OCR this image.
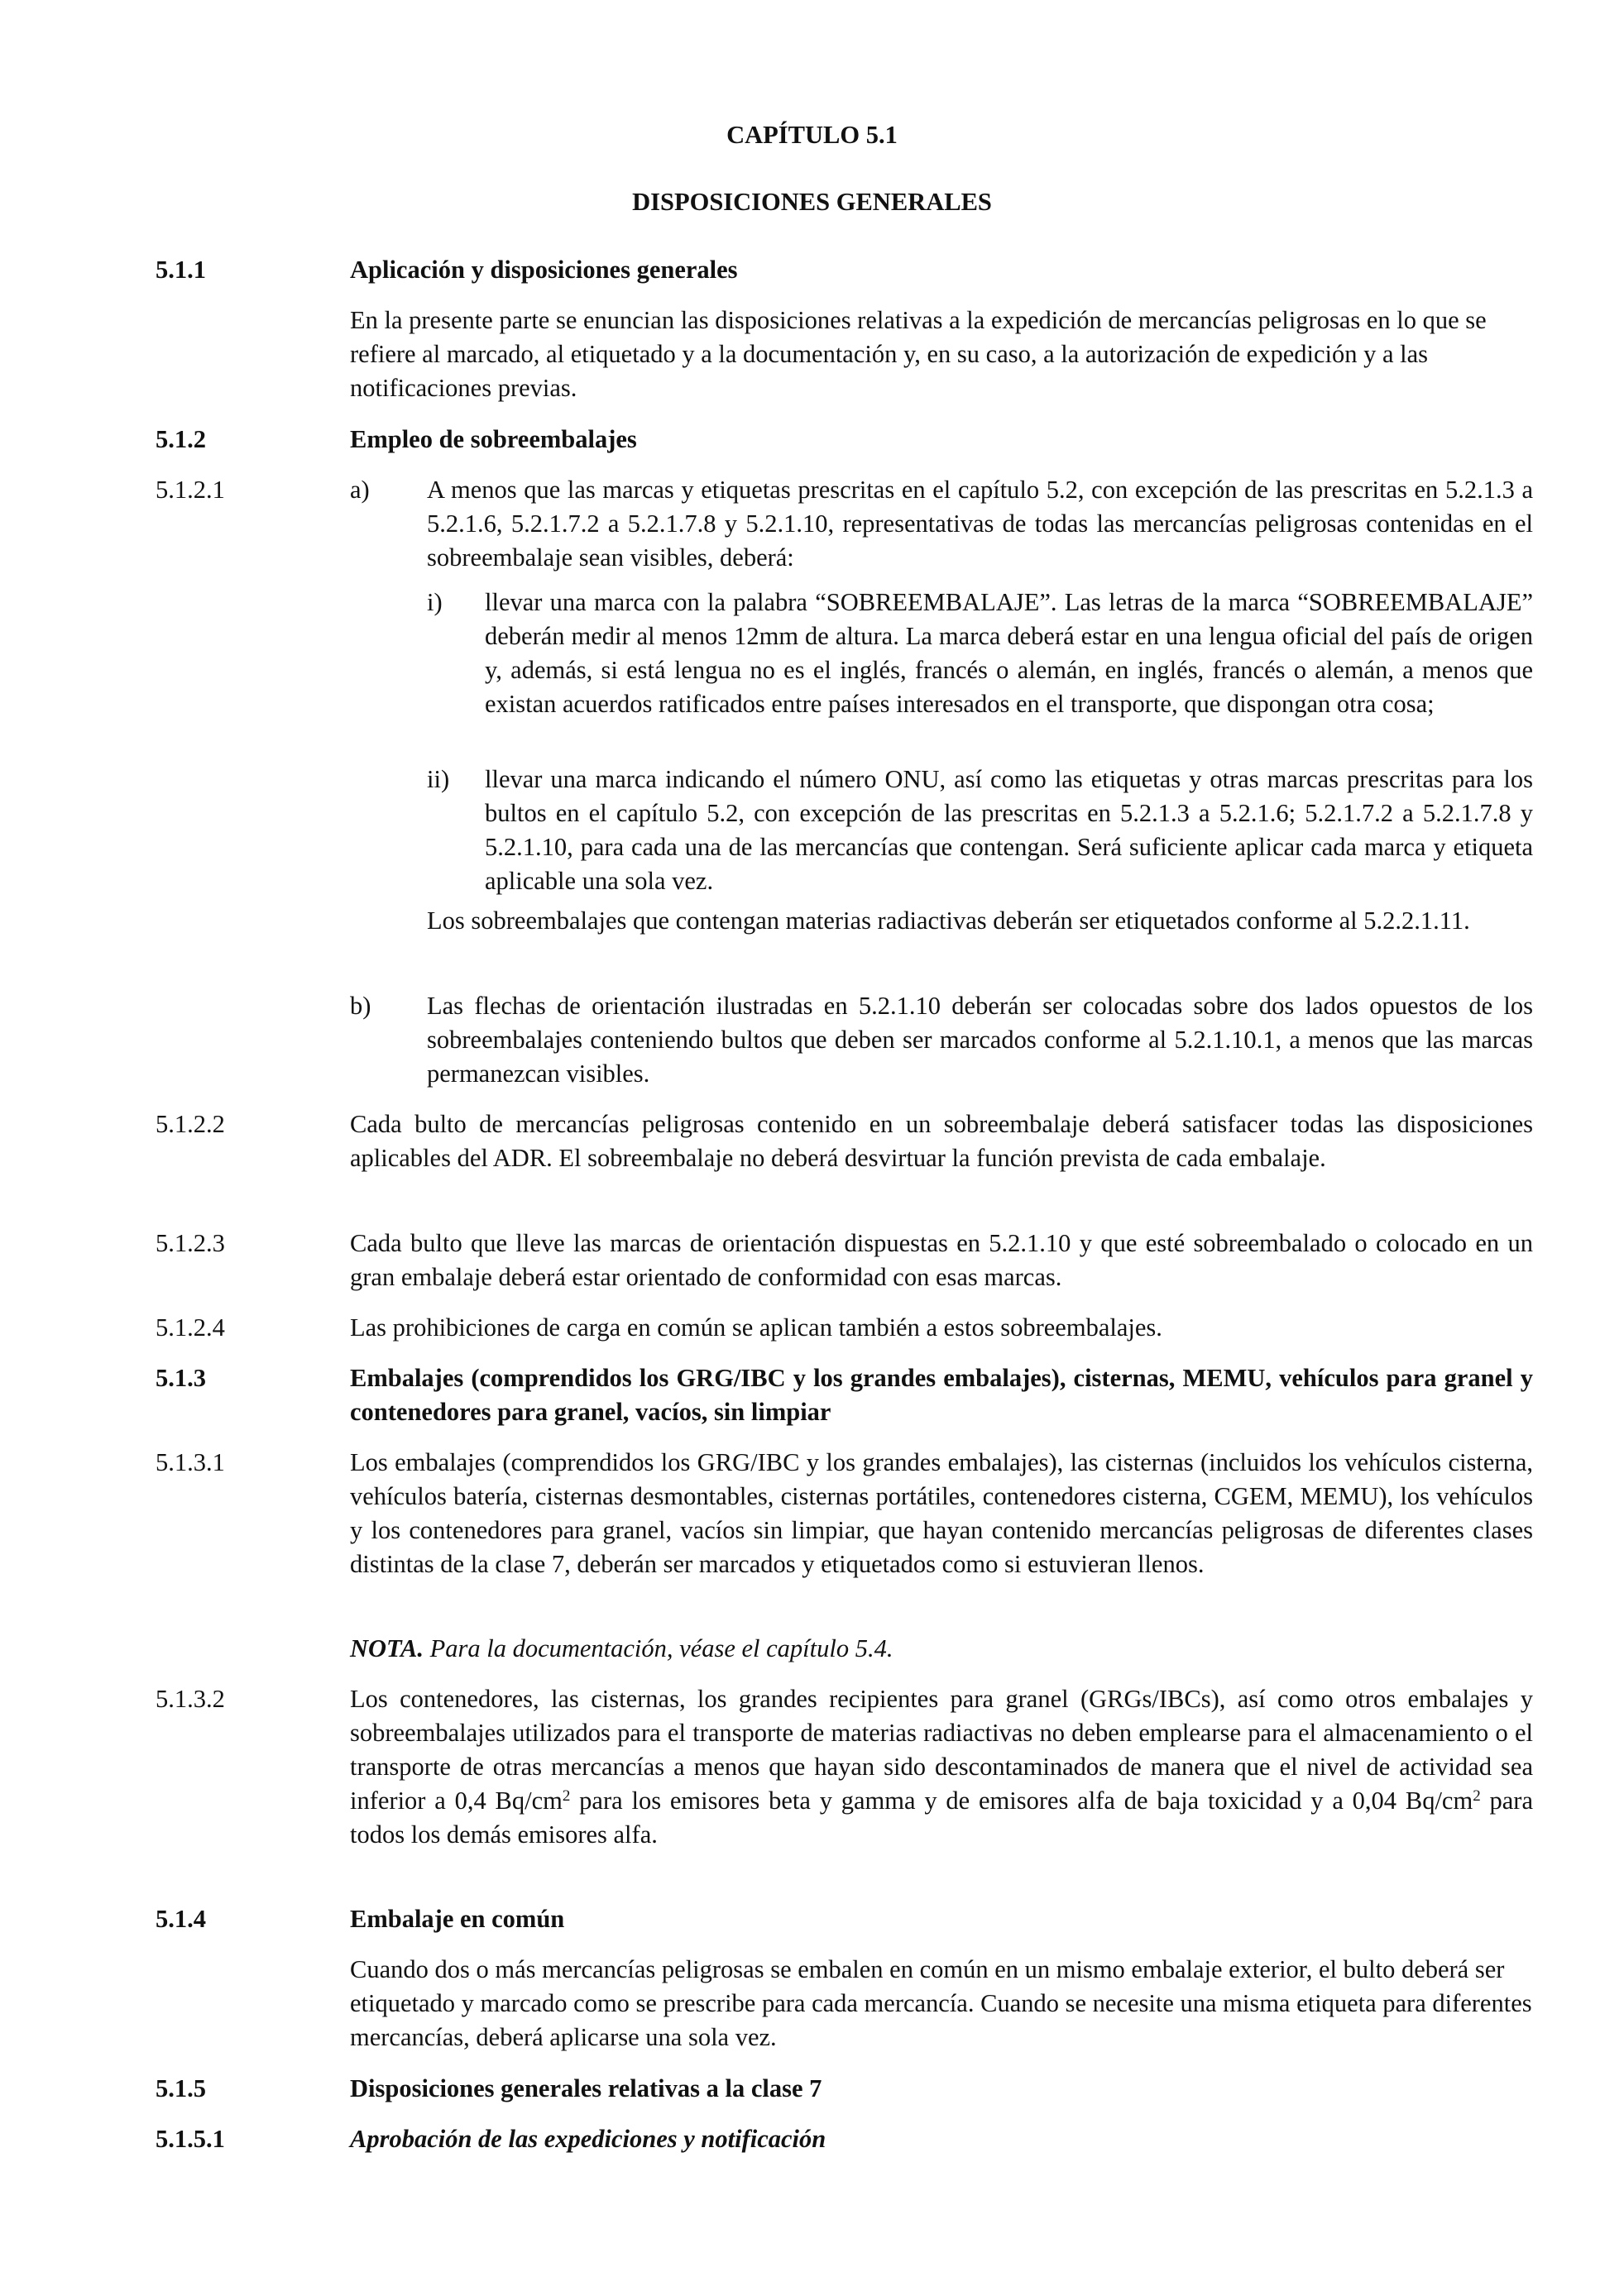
CAPÍTULO 5.1
DISPOSICIONES GENERALES
5.1.1	Aplicación y disposiciones generales

En la presente parte se enuncian las disposiciones relativas a la expedición de mercancías peligrosas en lo que se refiere al marcado, al etiquetado y a la documentación y, en su caso, a la autorización de expedición y a las notificaciones previas.

5.1.2	Empleo de sobreembalajes
5.1.2.1	a) A menos que las marcas y etiquetas prescritas en el capítulo 5.2, con excepción de las prescritas en 5.2.1.3 a 5.2.1.6, 5.2.1.7.2 a 5.2.1.7.8 y 5.2.1.10, representativas de todas las mercancías peligrosas contenidas en el sobreembalaje sean visibles, deberá:

i) llevar una marca con la palabra “SOBREEMBALAJE”. Las letras de la marca “SOBREEMBALAJE” deberán medir al menos 12mm de altura. La marca deberá estar en una lengua oficial del país de origen y, además, si está lengua no es el inglés, francés o alemán, en inglés, francés o alemán, a menos que existan acuerdos ratificados entre países interesados en el transporte, que dispongan otra cosa;

ii) llevar una marca indicando el número ONU, así como las etiquetas y otras marcas prescritas para los bultos en el capítulo 5.2, con excepción de las prescritas en 5.2.1.3 a 5.2.1.6; 5.2.1.7.2 a 5.2.1.7.8 y 5.2.1.10, para cada una de las mercancías que contengan. Será suficiente aplicar cada marca y etiqueta aplicable una sola vez.

Los sobreembalajes que contengan materias radiactivas deberán ser etiquetados conforme al 5.2.2.1.11.

b) Las flechas de orientación ilustradas en 5.2.1.10 deberán ser colocadas sobre dos lados opuestos de los sobreembalajes conteniendo bultos que deben ser marcados conforme al 5.2.1.10.1, a menos que las marcas permanezcan visibles.

5.1.2.2	Cada bulto de mercancías peligrosas contenido en un sobreembalaje deberá satisfacer todas las disposiciones aplicables del ADR. El sobreembalaje no deberá desvirtuar la función prevista de cada embalaje.

5.1.2.3	Cada bulto que lleve las marcas de orientación dispuestas en 5.2.1.10 y que esté sobreembalado o colocado en un gran embalaje deberá estar orientado de conformidad con esas marcas.

5.1.2.4	Las prohibiciones de carga en común se aplican también a estos sobreembalajes.

5.1.3	Embalajes (comprendidos los GRG/IBC y los grandes embalajes), cisternas, MEMU, vehículos para granel y contenedores para granel, vacíos, sin limpiar

5.1.3.1	Los embalajes (comprendidos los GRG/IBC y los grandes embalajes), las cisternas (incluidos los vehículos cisterna, vehículos batería, cisternas desmontables, cisternas portátiles, contenedores cisterna, CGEM, MEMU), los vehículos y los contenedores para granel, vacíos sin limpiar, que hayan contenido mercancías peligrosas de diferentes clases distintas de la clase 7, deberán ser marcados y etiquetados como si estuvieran llenos.

NOTA. Para la documentación, véase el capítulo 5.4.

5.1.3.2	Los contenedores, las cisternas, los grandes recipientes para granel (GRGs/IBCs), así como otros embalajes y sobreembalajes utilizados para el transporte de materias radiactivas no deben emplearse para el almacenamiento o el transporte de otras mercancías a menos que hayan sido descontaminados de manera que el nivel de actividad sea inferior a 0,4 $Bq/cm^2$ para los emisores beta y gamma y de emisores alfa de baja toxicidad y a 0,04 $Bq/cm^2$ para todos los demás emisores alfa.

5.1.4	Embalaje en común

Cuando dos o más mercancías peligrosas se embalen en común en un mismo embalaje exterior, el bulto deberá ser etiquetado y marcado como se prescribe para cada mercancía. Cuando se necesite una misma etiqueta para diferentes mercancías, deberá aplicarse una sola vez.

5.1.5	Disposiciones generales relativas a la clase 7
5.1.5.1	Aprobación de las expediciones y notificación
